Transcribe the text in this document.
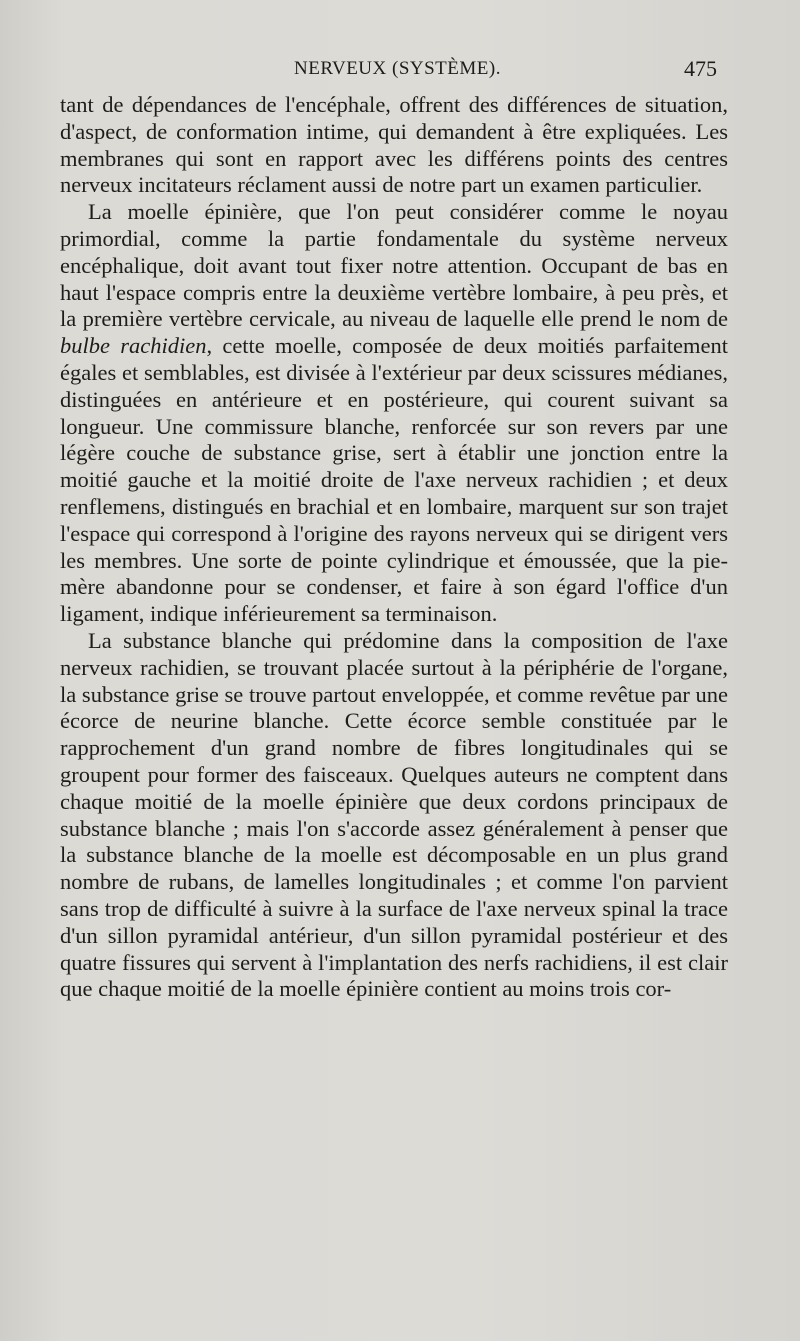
NERVEUX (SYSTÈME).	475

tant de dépendances de l'encéphale, offrent des différences de situation, d'aspect, de conformation intime, qui demandent à être expliquées. Les membranes qui sont en rapport avec les différens points des centres nerveux incitateurs réclament aussi de notre part un examen particulier.

La moelle épinière, que l'on peut considérer comme le noyau primordial, comme la partie fondamentale du système nerveux encéphalique, doit avant tout fixer notre attention. Occupant de bas en haut l'espace compris entre la deuxième vertèbre lombaire, à peu près, et la première vertèbre cervicale, au niveau de laquelle elle prend le nom de bulbe rachidien, cette moelle, composée de deux moitiés parfaitement égales et semblables, est divisée à l'extérieur par deux scissures médianes, distinguées en antérieure et en postérieure, qui courent suivant sa longueur. Une commissure blanche, renforcée sur son revers par une légère couche de substance grise, sert à établir une jonction entre la moitié gauche et la moitié droite de l'axe nerveux rachidien ; et deux renflemens, distingués en brachial et en lombaire, marquent sur son trajet l'espace qui correspond à l'origine des rayons nerveux qui se dirigent vers les membres. Une sorte de pointe cylindrique et émoussée, que la pie-mère abandonne pour se condenser, et faire à son égard l'office d'un ligament, indique inférieurement sa terminaison.

La substance blanche qui prédomine dans la composition de l'axe nerveux rachidien, se trouvant placée surtout à la périphérie de l'organe, la substance grise se trouve partout enveloppée, et comme revêtue par une écorce de neurine blanche. Cette écorce semble constituée par le rapprochement d'un grand nombre de fibres longitudinales qui se groupent pour former des faisceaux. Quelques auteurs ne comptent dans chaque moitié de la moelle épinière que deux cordons principaux de substance blanche ; mais l'on s'accorde assez généralement à penser que la substance blanche de la moelle est décomposable en un plus grand nombre de rubans, de lamelles longitudinales ; et comme l'on parvient sans trop de difficulté à suivre à la surface de l'axe nerveux spinal la trace d'un sillon pyramidal antérieur, d'un sillon pyramidal postérieur et des quatre fissures qui servent à l'implantation des nerfs rachidiens, il est clair que chaque moitié de la moelle épinière contient au moins trois cor-
